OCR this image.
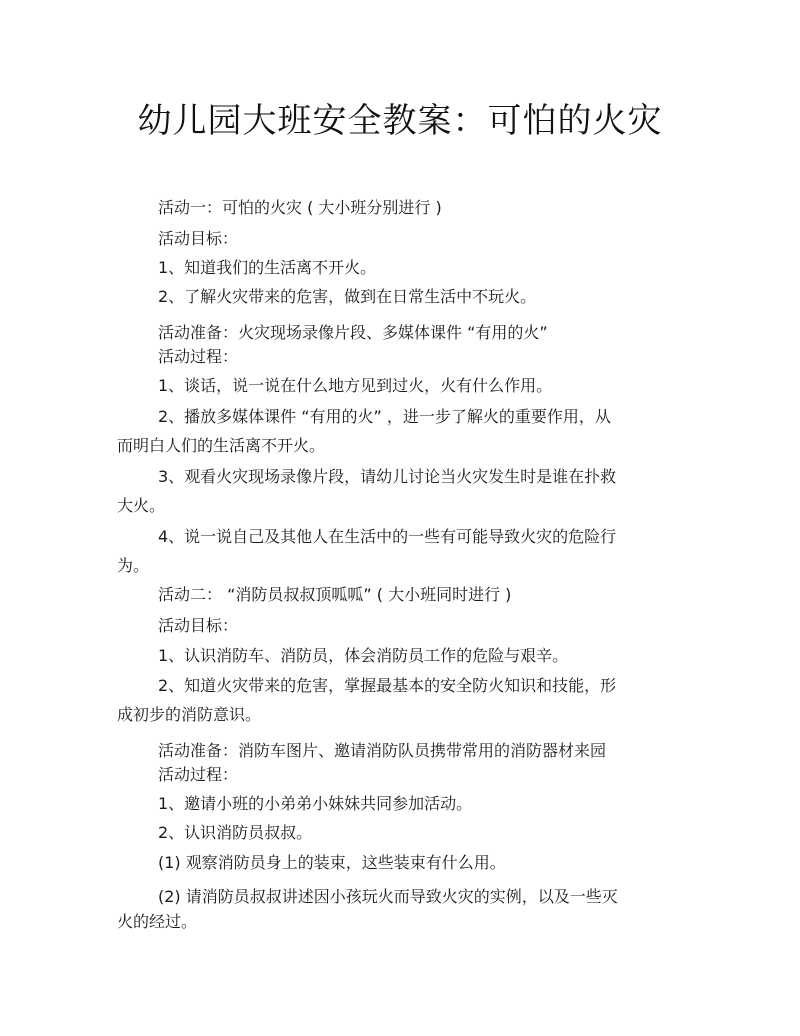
幼儿园大班安全教案：可怕的火灾
活动一：可怕的火灾 ( 大小班分别进行 )
活动目标：
1、知道我们的生活离不开火。
2、了解火灾带来的危害，做到在日常生活中不玩火。
活动准备：火灾现场录像片段、多媒体课件 “有用的火”
活动过程：
1、谈话，说一说在什么地方见到过火，火有什么作用。
2、播放多媒体课件 “有用的火” ，进一步了解火的重要作用，从
而明白人们的生活离不开火。
3、观看火灾现场录像片段，请幼儿讨论当火灾发生时是谁在扑救
大火。
4、说一说自己及其他人在生活中的一些有可能导致火灾的危险行
为。
活动二： “消防员叔叔顶呱呱” ( 大小班同时进行 )
活动目标：
1、认识消防车、消防员，体会消防员工作的危险与艰辛。
2、知道火灾带来的危害，掌握最基本的安全防火知识和技能，形
成初步的消防意识。
活动准备：消防车图片、邀请消防队员携带常用的消防器材来园
活动过程：
1、邀请小班的小弟弟小妹妹共同参加活动。
2、认识消防员叔叔。
(1) 观察消防员身上的装束，这些装束有什么用。
(2) 请消防员叔叔讲述因小孩玩火而导致火灾的实例，以及一些灭
火的经过。
